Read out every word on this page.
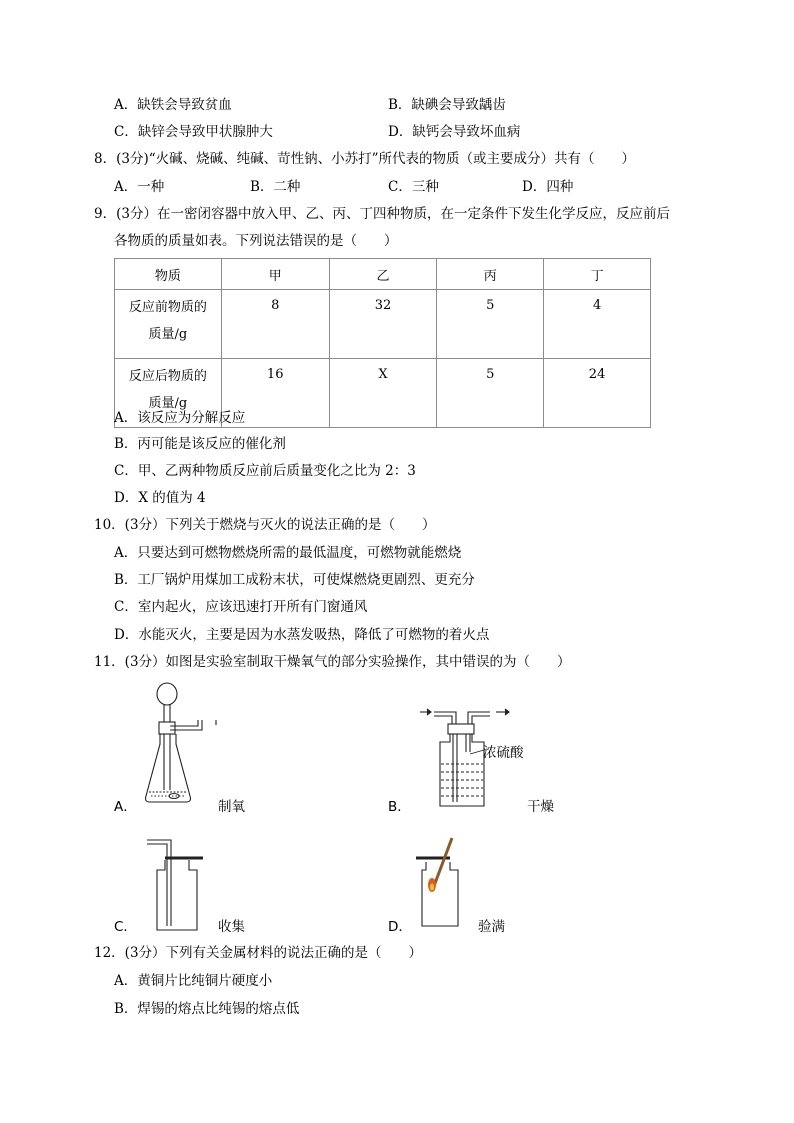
A．缺铁会导致贫血	B．缺碘会导致龋齿
C．缺锌会导致甲状腺肿大	D．缺钙会导致坏血病
8．(3分)“火碱、烧碱、纯碱、苛性钠、小苏打”所代表的物质（或主要成分）共有（　　）
A．一种	B．二种	C．三种	D．四种
9．(3分）在一密闭容器中放入甲、乙、丙、丁四种物质，在一定条件下发生化学反应，反应前后
各物质的质量如表。下列说法错误的是（　　）
物质	甲	乙	丙	丁

反应前物质的
质量/g	8	32	5	4

反应后物质的
质量/g	16	X	5	24
A．该反应为分解反应
B．丙可能是该反应的催化剂
C．甲、乙两种物质反应前后质量变化之比为 2：3
D．X 的值为 4
10．(3分）下列关于燃烧与灭火的说法正确的是（　　）
A．只要达到可燃物燃烧所需的最低温度，可燃物就能燃烧
B．工厂锅炉用煤加工成粉末状，可使煤燃烧更剧烈、更充分
C．室内起火，应该迅速打开所有门窗通风
D．水能灭火，主要是因为水蒸发吸热，降低了可燃物的着火点
11．(3分）如图是实验室制取干燥氧气的部分实验操作，其中错误的为（　　）
A．	制氧
浓硫酸
B．	干燥
C．	收集	D．	验满
12．(3分）下列有关金属材料的说法正确的是（　　）
A．黄铜片比纯铜片硬度小
B．焊锡的熔点比纯锡的熔点低
